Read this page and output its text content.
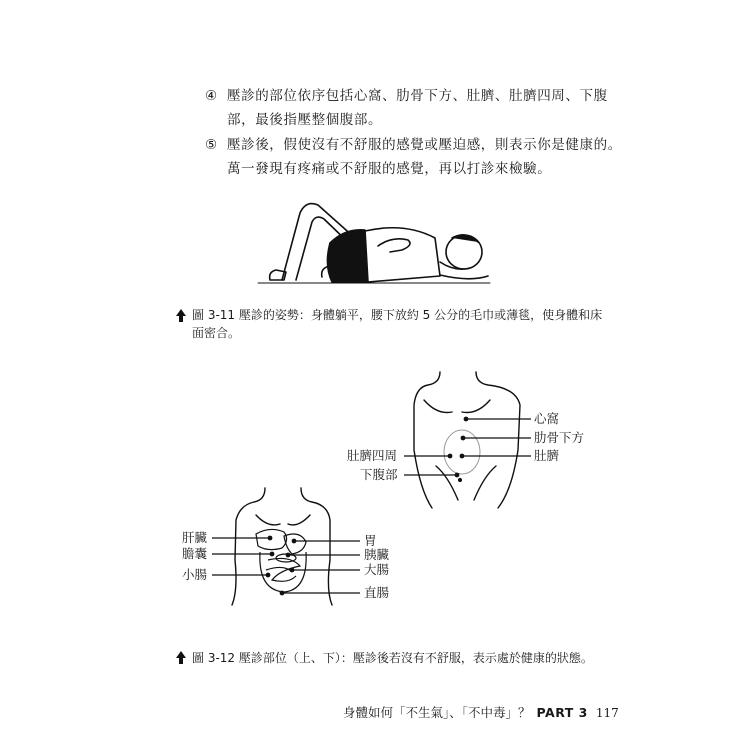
④ 壓診的部位依序包括心窩、肋骨下方、肚臍、肚臍四周、下腹
部，最後指壓整個腹部。
⑤ 壓診後，假使沒有不舒服的感覺或壓迫感，則表示你是健康的。
萬一發現有疼痛或不舒服的感覺，再以打診來檢驗。
圖 3-11 壓診的姿勢：身體躺平，腰下放約 5 公分的毛巾或薄毯，使身體和床
面密合。
心窩
肋骨下方
肚臍
肚臍四周
下腹部
肝臟
膽囊
小腸
胃
胰臟
大腸
直腸
圖 3-12 壓診部位（上、下）：壓診後若沒有不舒服，表示處於健康的狀態。
身體如何「不生氣」、「不中毒」？ PART 3 117
